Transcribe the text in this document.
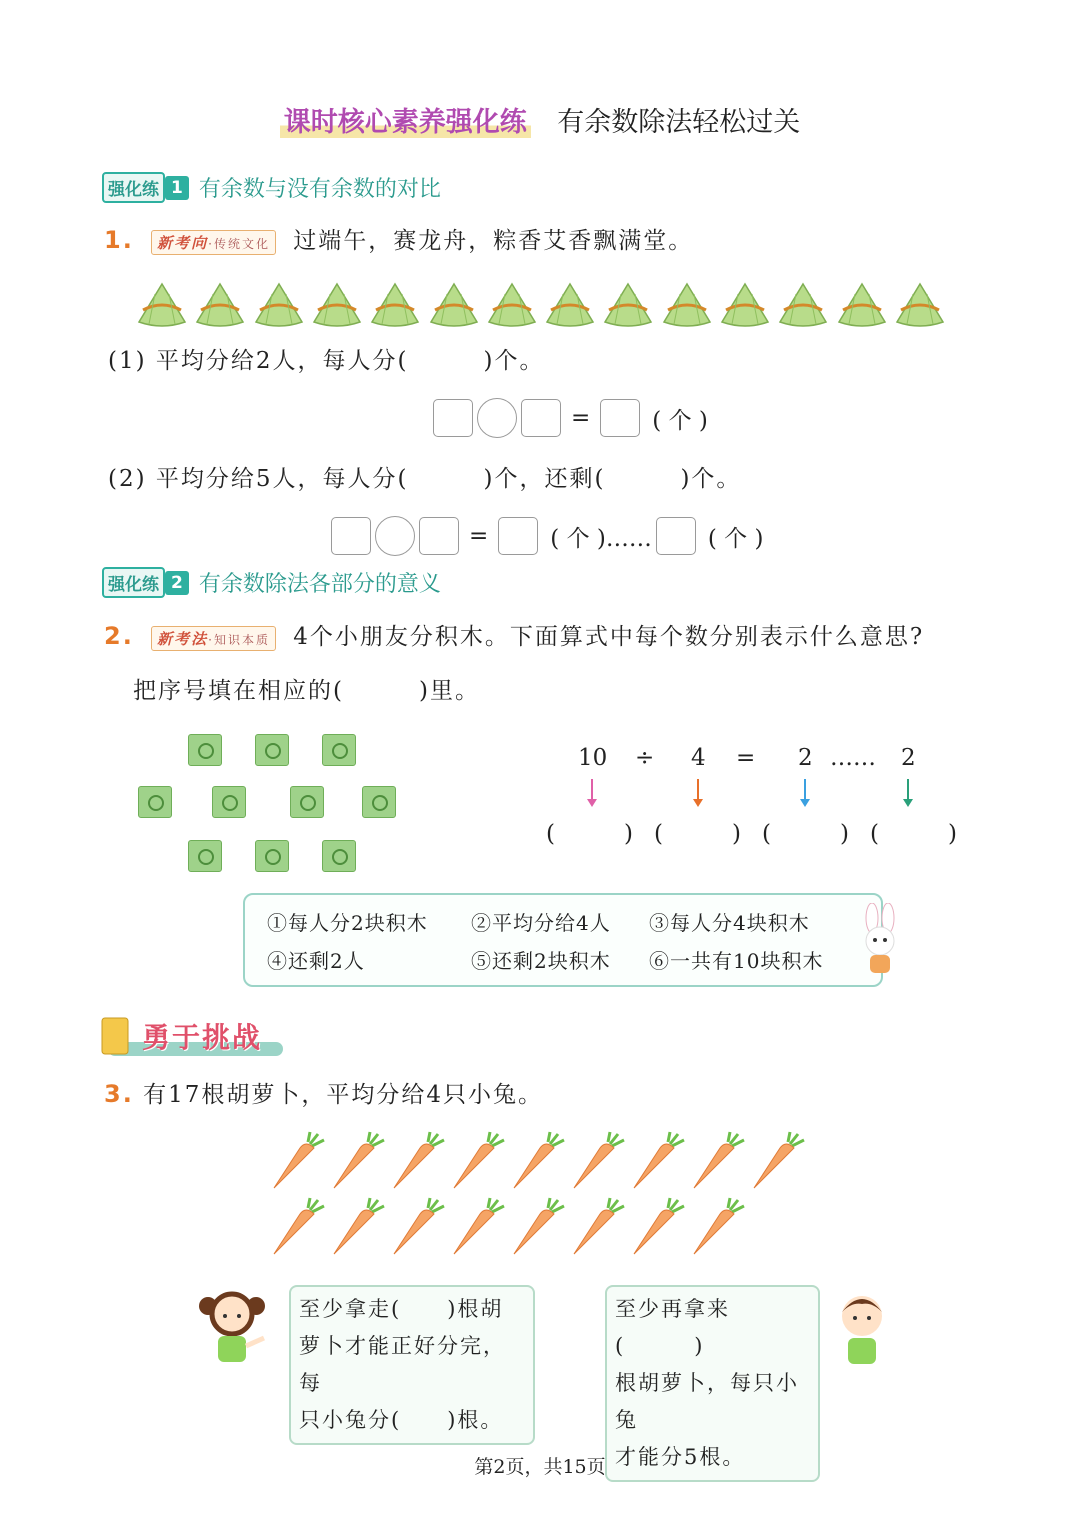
课时核心素养强化练 有余数除法轻松过关
强化练 1 有余数与没有余数的对比
1. 新考向·传统文化 过端午，赛龙舟，粽香艾香飘满堂。
(1) 平均分给2人，每人分(　　　)个。
=	( 个 )
(2) 平均分给5人，每人分(　　　)个，还剩(　　　)个。
=	( 个 )…… ( 个 )
强化练 2 有余数除法各部分的意义
2. 新考法·知识本质 4个小朋友分积木。下面算式中每个数分别表示什么意思?
把序号填在相应的(　　　)里。
10 ÷ 4 = 2 …… 2
(　　　) (　　　) (　　　) (　　　)
①每人分2块积木 ②平均分给4人 ③每人分4块积木
④还剩2人	⑤还剩2块积木 ⑥一共有10块积木
勇于挑战
3. 有17根胡萝卜，平均分给4只小兔。
至少拿走(　　)根胡
萝卜才能正好分完，每
只小兔分(　　)根。
至少再拿来(　　　)
根胡萝卜，每只小兔
才能分5根。
第2页，共15页
